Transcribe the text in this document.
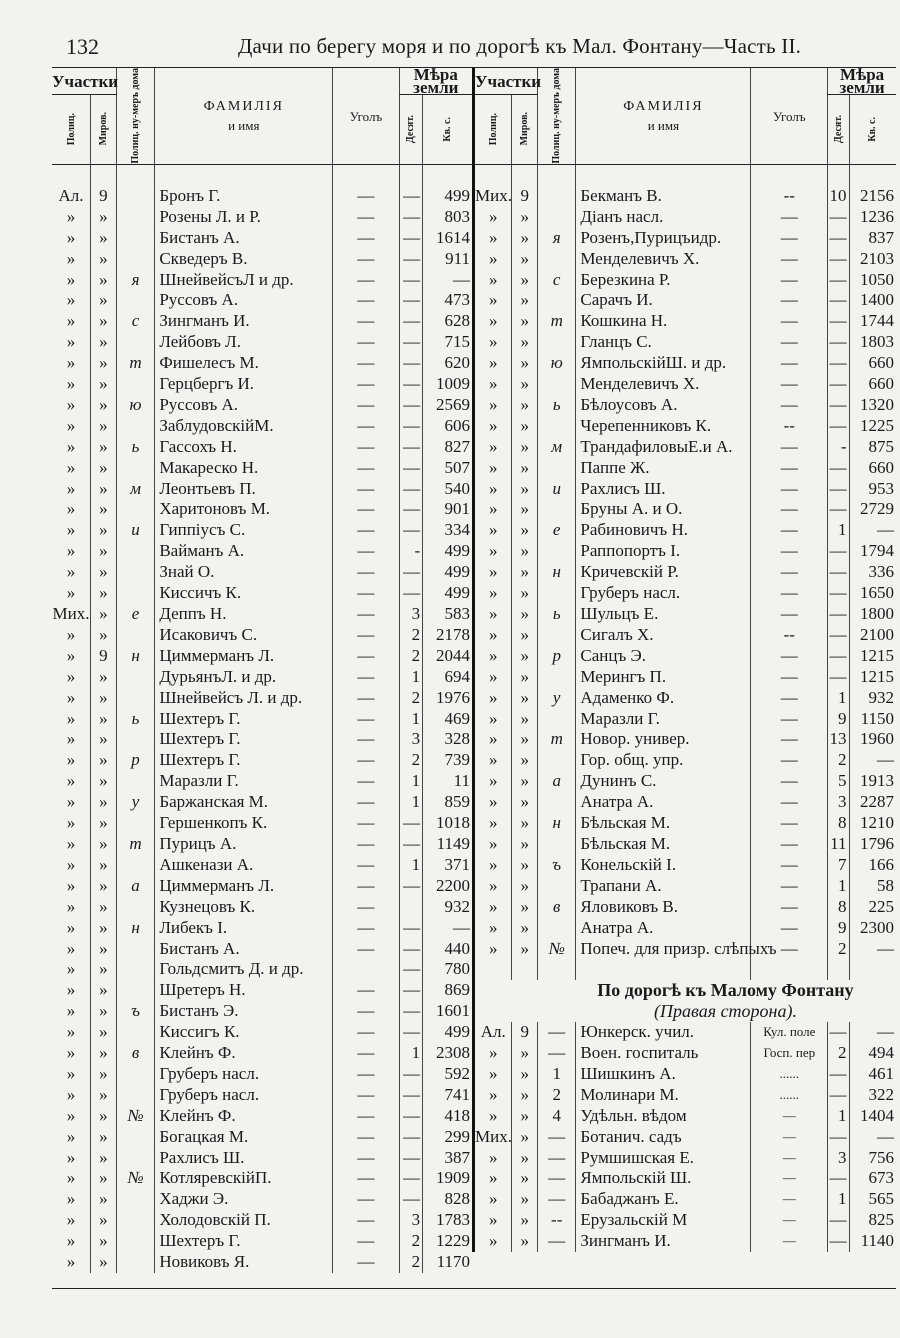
132	Дачи по берегу моря и по дорогѣ къ Мал. Фонтану—Часть II.
Участки		Полиц. ну-меръ дома	ФАМИЛІЯ
и имя	Уголъ	Мѣра земли	
Полиц.	Миров.				Десят.	Кв. с.

Ал.	9		Бронъ Г.	—	—	499
»	»		Розены Л. и Р.	—	—	803
»	»		Бистанъ А.	—	—	1614
»	»		Скведеръ В.	—	—	911
»	»	я	ШнейвейсъЛ и др.	—	—	—
»	»		Руссовъ А.	—	—	473
»	»	с	Зингманъ И.	—	—	628
»	»		Лейбовъ Л.	—	—	715
»	»	т	Фишелесъ М.	—	—	620
»	»		Герцбергъ И.	—	—	1009
»	»	ю	Руссовъ А.	—	—	2569
»	»		ЗаблудовскійМ.	—	—	606
»	»	ь	Гассохъ Н.	—	—	827
»	»		Макареско Н.	—	—	507
»	»	м	Леонтьевъ П.	—	—	540
»	»		Харитоновъ М.	—	—	901
»	»	и	Гиппіусъ С.	—	—	334
»	»		Вайманъ А.	—	-	499
»	»		Знай О.	—	—	499
»	»		Киссичъ К.	—	—	499
Мих.	»	е	Деппъ Н.	—	3	583
»	»		Исаковичъ С.	—	2	2178
»	9	н	Циммерманъ Л.	—	2	2044
»	»		ДурьянъЛ. и др.	—	1	694
»	»		Шнейвейсъ Л. и др.	—	2	1976
»	»	ь	Шехтеръ Г.	—	1	469
»	»		Шехтеръ Г.	—	3	328
»	»	р	Шехтеръ Г.	—	2	739
»	»		Маразли Г.	—	1	11
»	»	у	Баржанская М.	—	1	859
»	»		Гершенкопъ К.	—	—	1018
»	»	т	Пурицъ А.	—	—	1149
»	»		Ашкенази А.	—	1	371
»	»	а	Циммерманъ Л.	—	—	2200
»	»		Кузнецовъ К.	—		932
»	»	н	Либекъ I.	—	—	—
»	»		Бистанъ А.	—	—	440
»	»		Гольдсмитъ Д. и др.		—	780
»	»		Шретеръ Н.	—	—	869
»	»	ъ	Бистанъ Э.	—	—	1601
»	»		Киссигъ К.	—	—	499
»	»	в	Клейнъ Ф.	—	1	2308
»	»		Груберъ насл.	—	—	592
»	»		Груберъ насл.	—	—	741
»	»	№	Клейнъ Ф.	—	—	418
»	»		Богацкая М.	—	—	299
»	»		Рахлисъ Ш.	—	—	387
»	»	№	КотляревскійП.	—	—	1909
»	»		Хаджи Э.	—	—	828
»	»		Холодовскій П.	—	3	1783
»	»		Шехтеръ Г.	—	2	1229
»	»		Новиковъ Я.	—	2	1170
Участки		Полиц. ну-меръ дома	ФАМИЛІЯ
и имя	Уголъ	Мѣра земли	
Полиц.	Миров.				Десят.	Кв. с.

Мих.	9		Бекманъ В.	--	10	2156
»	»		Діанъ насл.	—	—	1236
»	»	я	Розенъ,Пурицъидр.	—	—	837
»	»		Менделевичъ Х.	—	—	2103
»	»	с	Березкина Р.	—	—	1050
»	»		Сарачъ И.	—	—	1400
»	»	т	Кошкина Н.	—	—	1744
»	»		Гланцъ С.	—	—	1803
»	»	ю	ЯмпольскійШ. и др.	—	—	660
»	»		Менделевичъ Х.	—	—	660
»	»	ь	Бѣлоусовъ А.	—	—	1320
»	»		Черепенниковъ К.	--	—	1225
»	»	м	ТрандафиловыЕ.и А.	—	-	875
»	»		Паппе Ж.	—	—	660
»	»	и	Рахлисъ Ш.	—	—	953
»	»		Бруны А. и О.	—	—	2729
»	»	е	Рабиновичъ Н.	—	1	—
»	»		Раппопортъ I.	—	—	1794
»	»	н	Кричевскій Р.	—	—	336
»	»		Груберъ насл.	—	—	1650
»	»	ь	Шульцъ Е.	—	—	1800
»	»		Сигалъ Х.	--	—	2100
»	»	р	Санцъ Э.	—	—	1215
»	»		Мерингъ П.	—	—	1215
»	»	у	Адаменко Ф.	—	1	932
»	»		Маразли Г.	—	9	1150
»	»	т	Новор. универ.	—	13	1960
»	»		Гор. общ. упр.	—	2	—
»	»	а	Дунинъ С.	—	5	1913
»	»		Анатра А.	—	3	2287
»	»	н	Бѣльская М.	—	8	1210
»	»		Бѣльская М.	—	11	1796
»	»	ъ	Конельскій I.	—	7	166
»	»		Трапани А.	—	1	58
»	»	в	Яловиковъ В.	—	8	225
»	»		Анатра А.	—	9	2300
»	»	№	Попеч. для призр. слѣпыхъ	—	2	—

По дорогѣ къ Малому Фонтану						
(Правая сторона).						
Ал.	9	—	Юнкерск. учил.	Кул. поле	—	—
»	»	—	Воен. госпиталь	Госп. пер	2	494
»	»	1	Шишкинъ А.	......	—	461
»	»	2	Молинари М.	......	—	322
»	»	4	Удѣльн. вѣдом	—	1	1404
Мих.	»	—	Ботанич. садъ	—	—	—
»	»	—	Румшишская Е.	—	3	756
»	»	—	Ямпольскій Ш.	—	—	673
»	»	—	Бабаджанъ Е.	—	1	565
»	»	--	Ерузальскій М	—	—	825
»	»	—	Зингманъ И.	—	—	1140
